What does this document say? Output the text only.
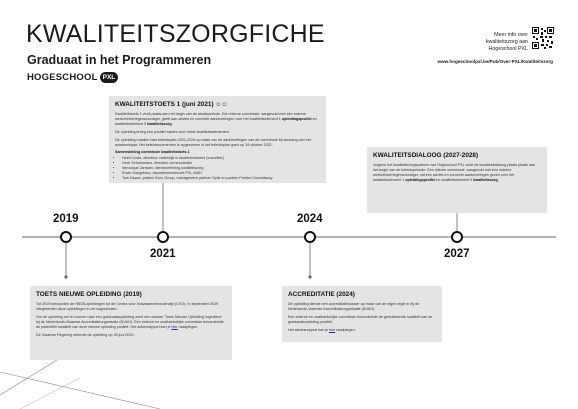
KWALITEITSZORGFICHE
Graduaat in het Programmeren
HOGESCHOOL PXL
Meer info over
kwaliteitszorg aan
Hogeschool PXL
www.hogeschoolpxl.be/Pub/Over-PXL/Kwaliteitszorg
KWALITEITSTOETS 1 (juni 2021) ☺☺

Kwaliteitstoets 1 vindt plaats aan het begin van de studieperiode. Een interne commissie, aangevuld met één externe werkveldvertegenwoordiger, geeft aan advies en concrete aanbevelingen over het kwaliteitselement 1 opleidingsprofiel en kwaliteitselement 9 kwaliteitszorg.

De opleiding kreeg een positief advies voor beide kwaliteitselementen.

De opleiding maakte haar beleidsplan 2021-2026 op basis van de aanbevelingen van de commissie bij aanvang van het academiejaar. Het beleidsvoornemen is opgenomen in het beleidsplan goed op 18 oktober 2021.

Samenstelling commissie kwaliteitstoets 1

• Heidi Croes, directeur onderwijs in studentenbeleid (voorzitter)
• Gertr Schuermans, directeur communicatie
• Veronique Janssen, dienstverlening kwaliteitszorg
• Erwin Goegebeur, departementshoofd PXL-MAD
• Tom Dacan, partner Ibizo Group, management partner Optiz en partner Pomicx Consultancy
KWALITEITSDIALOOG (2027-2028)

Volgens het kwaliteitszorgsysteem van Hogeschool PXL vindt de kwaliteitsdialoog plaats plaats aan het begin van de beleidsperiode. Een interne commissie, aangevuld met één externe werkveldvertegenwoordiger, zal een advies en concrete aanbevelingen geven over het kwaliteitselement 1 opleidingsprofiel en kwaliteitselement 9 kwaliteitszorg.

TOETS NIEUWE OPLEIDING (2019)

Tot 2019 behoorden de HBO5-opleidingen tot de Centra voor Volwassenenonderwijs (CVO). In september 2019 integreerden deze opleidingen in de hogescholen.

Om de opleiding om te vormen naar een graduaatsopleiding werd een dossier 'Toets Nieuwe Opleiding' ingediend bij de Nederlands-Vlaamse Accreditatieorganisatie (NVAO). Een externe en onafhankelijke commissie beoordeelde de potentiële kwaliteit van deze nieuwe opleiding positief. Het adviesrapport kan je hier raadplegen.

De Vlaamse Regering erkende de opleiding op 28 juni 2019.

ACCREDITATIE (2024)

De opleiding diende een accreditatiedossier op maar van de eigen regie in bij de Nederlands-Vlaamse Accreditatieorganisatie (NVAO).

Een externe en onafhankelijke commissie beoordeelde de gerealiseerde kwaliteit van de graduaatsopleiding positief.

Het adviesrapport kan je hier raadplegen.

2019
2021
2024
2027
